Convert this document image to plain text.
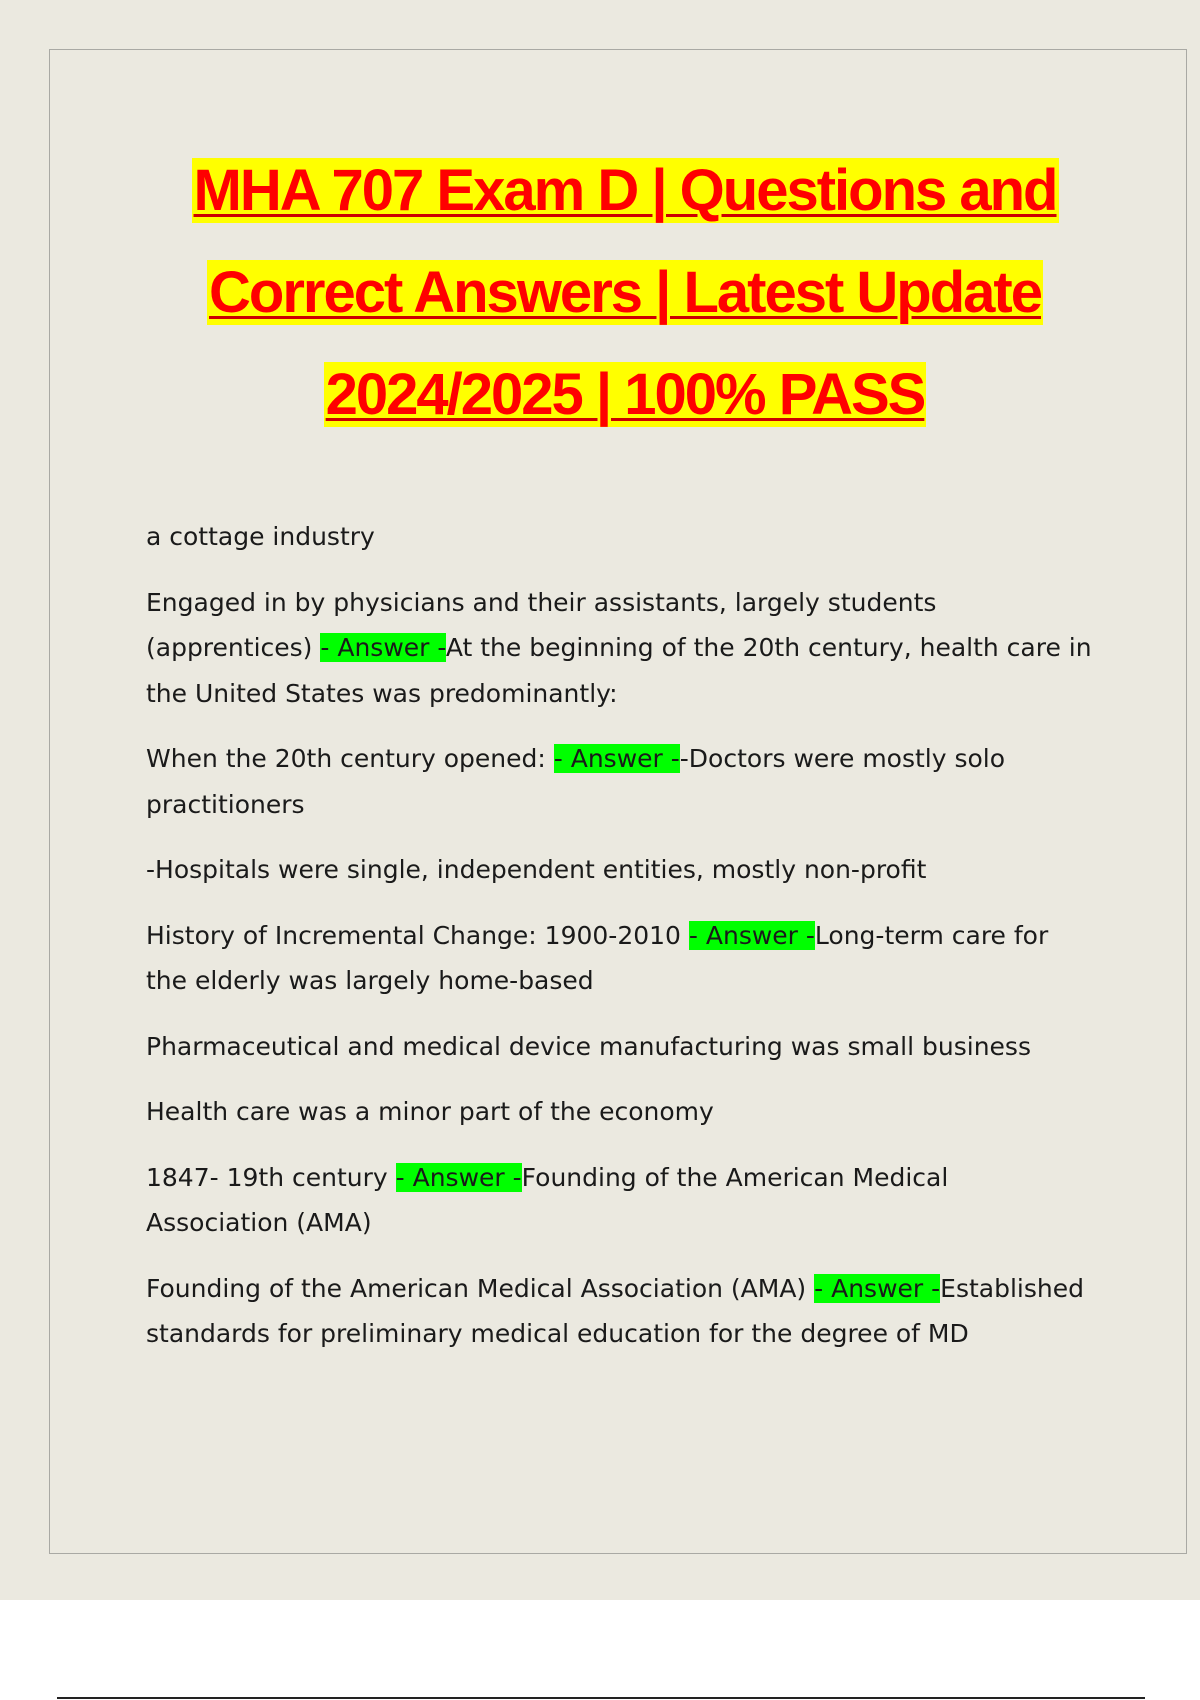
MHA 707 Exam D | Questions and
Correct Answers | Latest Update
2024/2025 | 100% PASS

a cottage industry

Engaged in by physicians and their assistants, largely students (apprentices) - Answer -At the beginning of the 20th century, health care in the United States was predominantly:

When the 20th century opened: - Answer --Doctors were mostly solo practitioners

-Hospitals were single, independent entities, mostly non-profit

History of Incremental Change: 1900-2010 - Answer -Long-term care for the elderly was largely home-based

Pharmaceutical and medical device manufacturing was small business

Health care was a minor part of the economy

1847- 19th century - Answer -Founding of the American Medical Association (AMA)

Founding of the American Medical Association (AMA) - Answer -Established standards for preliminary medical education for the degree of MD
